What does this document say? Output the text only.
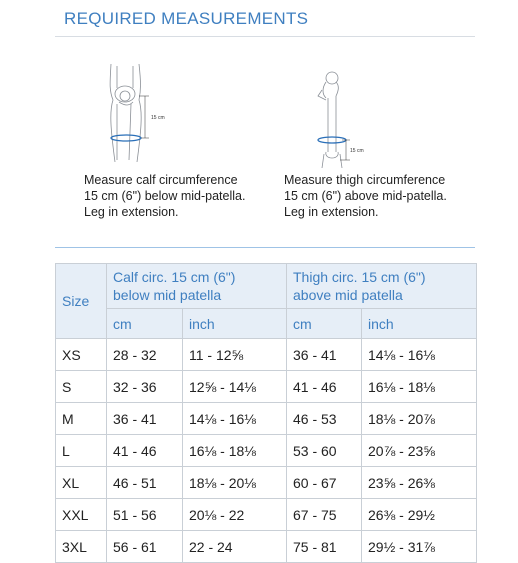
REQUIRED MEASUREMENTS
15 cm
Measure calf circumference
15 cm (6") below mid-patella.
Leg in extension.
15 cm
Measure thigh circumference
15 cm (6") above mid-patella.
Leg in extension.
Size	Calf circ. 15 cm (6")
below mid patella		Thigh circ. 15 cm (6")
above mid patella	
	cm	inch	cm	inch
XS	28 - 32	11 - 12⅝	36 - 41	14⅛ - 16⅛
S	32 - 36	12⅝ - 14⅛	41 - 46	16⅛ - 18⅛
M	36 - 41	14⅛ - 16⅛	46 - 53	18⅛ - 20⅞
L	41 - 46	16⅛ - 18⅛	53 - 60	20⅞ - 23⅝
XL	46 - 51	18⅛ - 20⅛	60 - 67	23⅝ - 26⅜
XXL	51 - 56	20⅛ - 22	67 - 75	26⅜ - 29½
3XL	56 - 61	22 - 24	75 - 81	29½ - 31⅞
